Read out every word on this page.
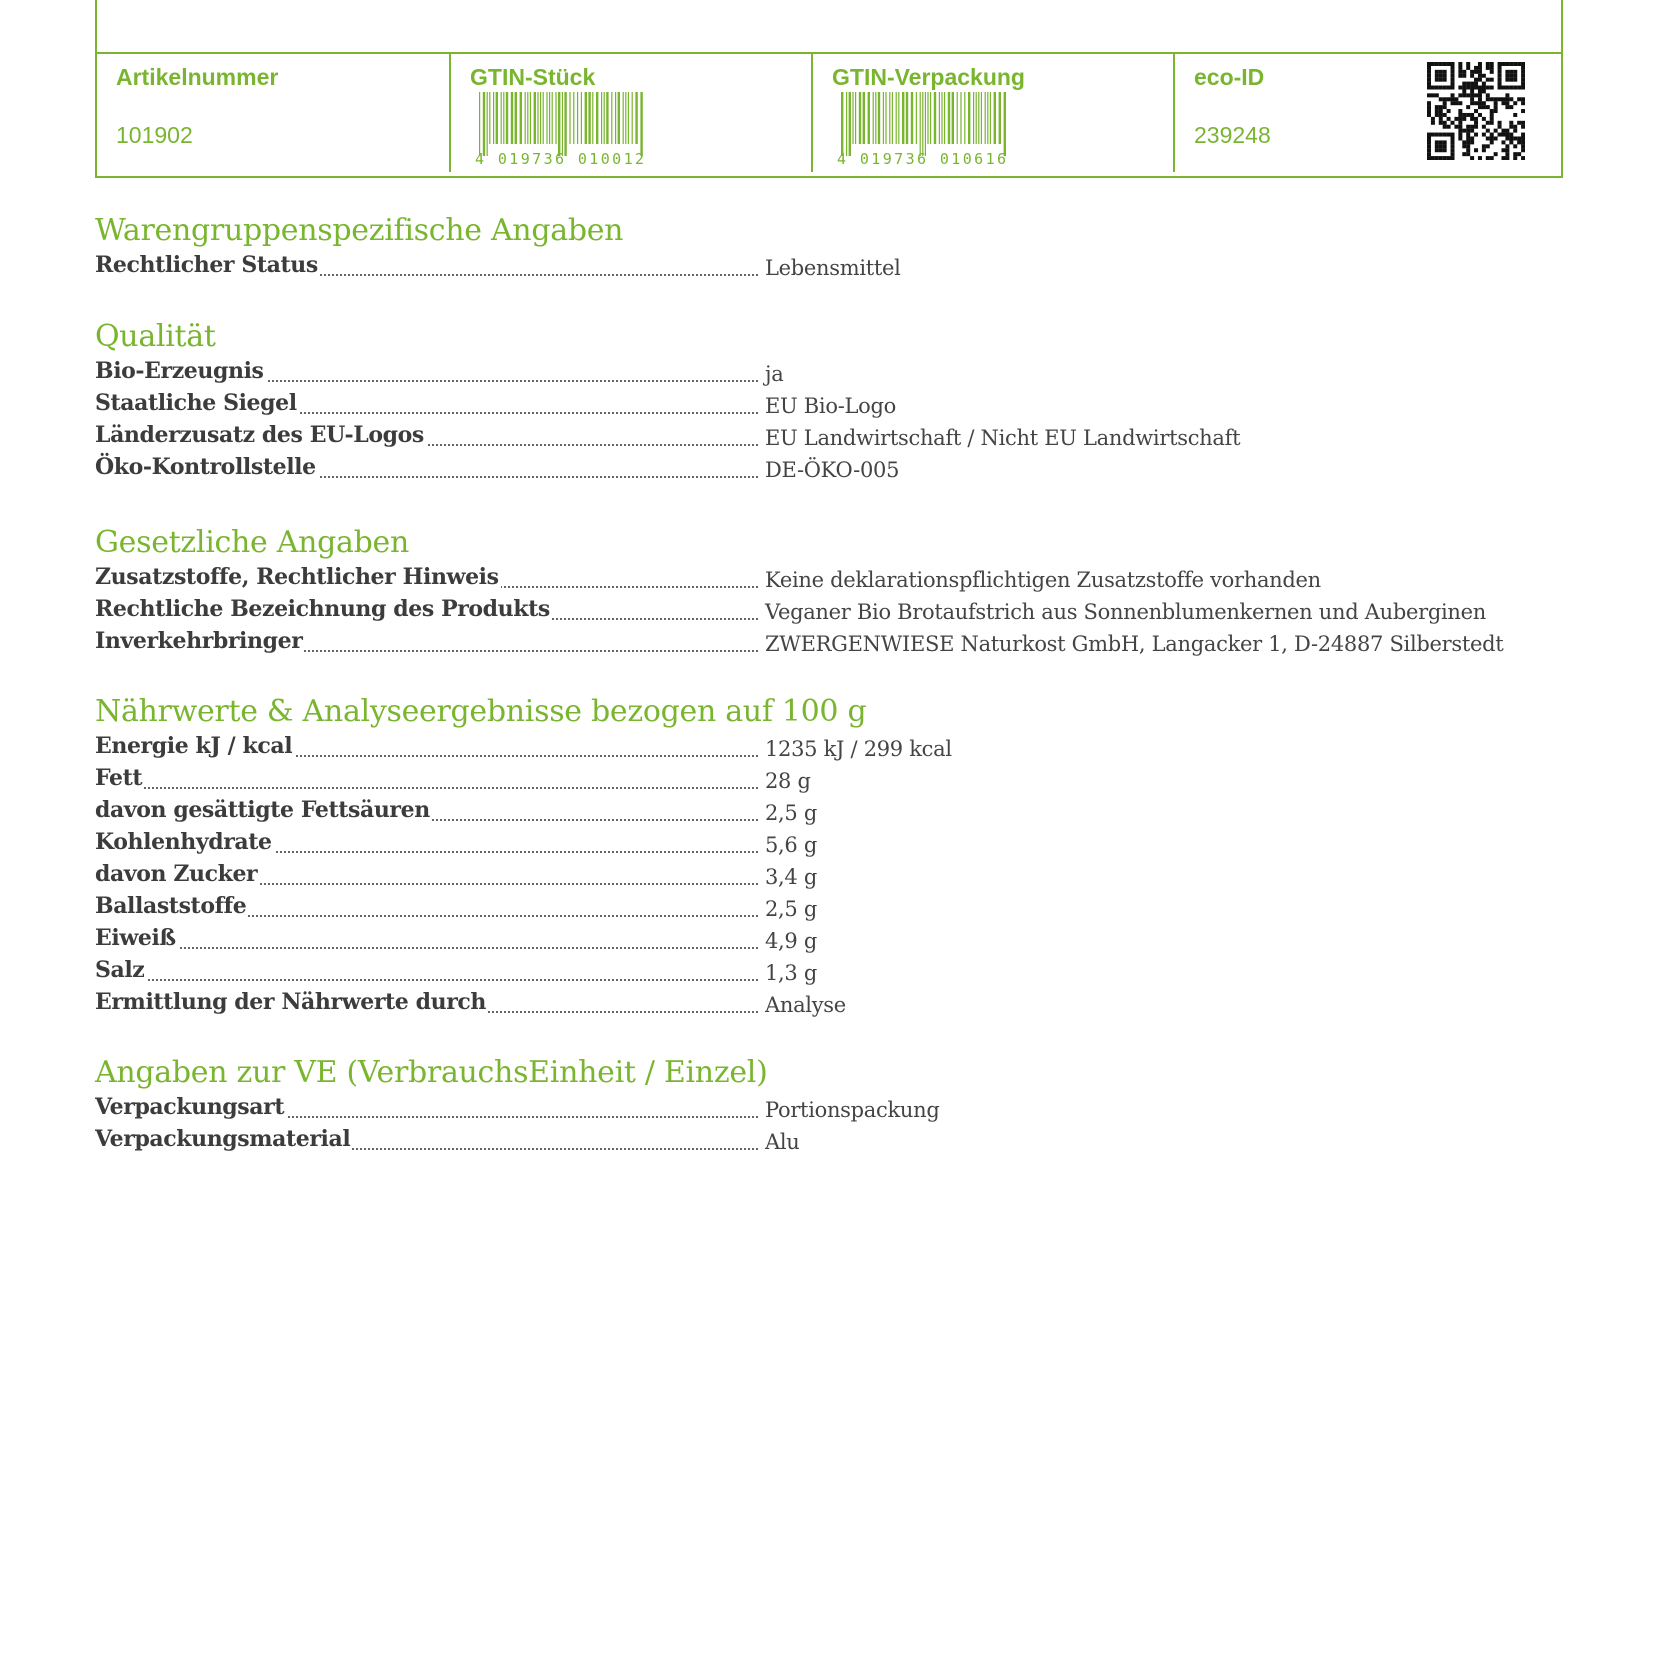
Artikelnummer
101902
GTIN-Stück
4 019736 010012
GTIN-Verpackung
4 019736 010616
eco-ID
239248
Warengruppenspezifische Angaben
Rechtlicher Status	Lebensmittel
Qualität
Bio-Erzeugnis	ja
Staatliche Siegel	EU Bio-Logo
Länderzusatz des EU-Logos	EU Landwirtschaft / Nicht EU Landwirtschaft
Öko-Kontrollstelle	DE-ÖKO-005
Gesetzliche Angaben
Zusatzstoffe, Rechtlicher Hinweis	Keine deklarationspflichtigen Zusatzstoffe vorhanden
Rechtliche Bezeichnung des Produkts	Veganer Bio Brotaufstrich aus Sonnenblumenkernen und Auberginen
Inverkehrbringer	ZWERGENWIESE Naturkost GmbH, Langacker 1, D-24887 Silberstedt
Nährwerte & Analyseergebnisse bezogen auf 100 g
Energie kJ / kcal	1235 kJ / 299 kcal
Fett	28 g
davon gesättigte Fettsäuren	2,5 g
Kohlenhydrate	5,6 g
davon Zucker	3,4 g
Ballaststoffe	2,5 g
Eiweiß	4,9 g
Salz	1,3 g
Ermittlung der Nährwerte durch	Analyse
Angaben zur VE (VerbrauchsEinheit / Einzel)
Verpackungsart	Portionspackung
Verpackungsmaterial	Alu
